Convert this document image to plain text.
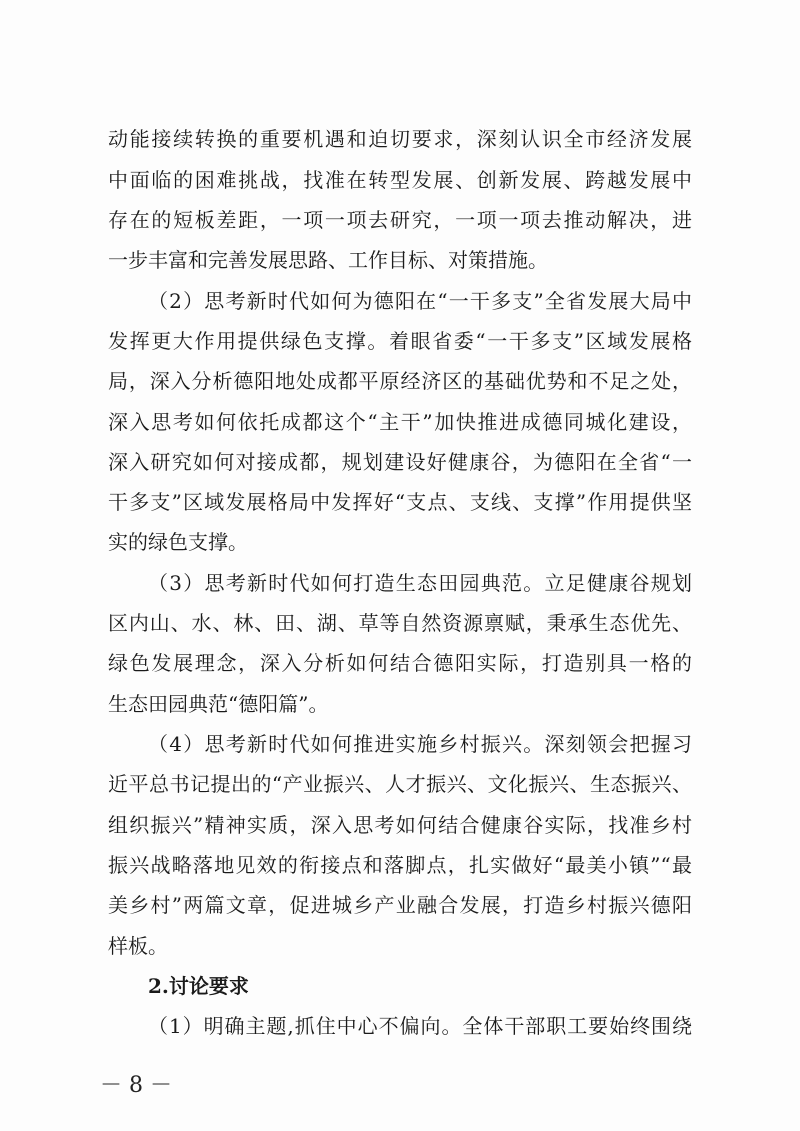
动能接续转换的重要机遇和迫切要求，深刻认识全市经济发展
中面临的困难挑战，找准在转型发展、创新发展、跨越发展中
存在的短板差距，一项一项去研究，一项一项去推动解决，进
一步丰富和完善发展思路、工作目标、对策措施。
（2）思考新时代如何为德阳在“一干多支”全省发展大局中
发挥更大作用提供绿色支撑。着眼省委“一干多支”区域发展格
局，深入分析德阳地处成都平原经济区的基础优势和不足之处，
深入思考如何依托成都这个“主干”加快推进成德同城化建设，
深入研究如何对接成都，规划建设好健康谷，为德阳在全省“一
干多支”区域发展格局中发挥好“支点、支线、支撑”作用提供坚
实的绿色支撑。
（3）思考新时代如何打造生态田园典范。立足健康谷规划
区内山、水、林、田、湖、草等自然资源禀赋，秉承生态优先、
绿色发展理念，深入分析如何结合德阳实际，打造别具一格的
生态田园典范“德阳篇”。
（4）思考新时代如何推进实施乡村振兴。深刻领会把握习
近平总书记提出的“产业振兴、人才振兴、文化振兴、生态振兴、
组织振兴”精神实质，深入思考如何结合健康谷实际，找准乡村
振兴战略落地见效的衔接点和落脚点，扎实做好“最美小镇”“最
美乡村”两篇文章，促进城乡产业融合发展，打造乡村振兴德阳
样板。
2.讨论要求
（1）明确主题,抓住中心不偏向。全体干部职工要始终围绕
－ 8 －
